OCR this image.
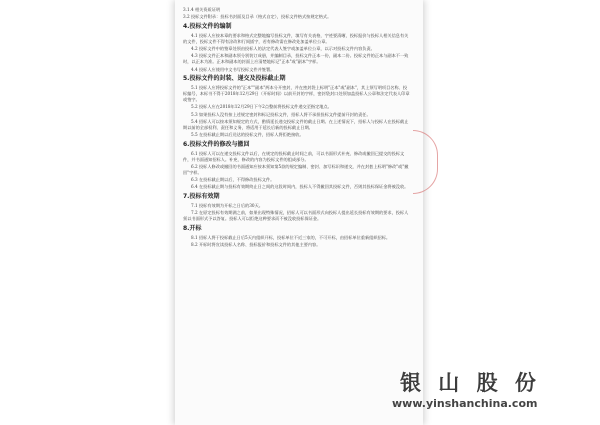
3.1.4 相关资质证明

3.2 投标文件附录：投标书封面及目录（格式自定），投标文件格式按规定格式。

4.投标文件的编制

4.1 投标人应按本章的要求和格式完整地编写投标文件，填写有关表格，字迹要清晰，投标报价与投标人相关信息有关的文件，投标文件不得有涂改和行间插字，若有修改需在修改处加盖单位公章。

4.2 投标文件中的签章处须由投标人的法定代表人签字或加盖单位公章，以示对投标文件内容负责。

4.3 投标文件正本和副本须分别装订成册，并编制目录，投标文件正本一份，副本二份。投标文件的正本与副本不一致时，以正本为准。正本和副本的封面上应清楚地标记"正本"或"副本"字样。

4.4 投标人应使用中文书写投标文件并签署。

5.投标文件的封装、递交及投标截止期

5.1 投标人应将投标文件的"正本""副本"两本分开密封，并在密封袋上标明"正本"或"副本"，其上须写明项目名称、投标编号，本标书不得于2018年12月29日（开标时间）以前开封的字样，密封袋封口处须加盖投标人公章和法定代表人印章或签字。

5.2 投标人应在2018年12月29日下午2点整前将投标文件递交至指定地点。

5.3 如果投标人没有按上述规定密封和标记投标文件，招标人将不承担投标文件提前开封的责任。

5.4 招标人可以按本须知规定的方式，酌情延长递交投标文件的截止日期。在上述情况下，招标人与投标人在投标截止期以前的全部权利、责任和义务，将适用于延长后新的投标截止日期。

5.5 在投标截止期以后送达的投标文件，招标人将拒绝接收。

6.投标文件的修改与撤回

6.1 投标人可以在递交投标文件以后，在规定的投标截止时间之前，可以书面形式补充、修改或撤回已提交的投标文件，并书面通知招标人。补充、修改的内容为投标文件的组成部分。

6.2 投标人修改或撤回的书面通知应按本须知第5款的规定编制、密封、加写标识和递交，并在封套上标明"修改"或"撤回"字样。

6.3 在投标截止期以后，不得修改投标文件。

6.4 在投标截止期与投标有效期终止日之间的这段时间内，投标人不得撤回其投标文件，否则其投标保证金将被没收。

7.投标有效期

7.1 投标有效期为开标之日后的30天。

7.2 在原定投标有效期满之前，如果出现特殊情况，招标人可以书面形式向投标人提出延长投标有效期的要求，投标人须以书面形式予以答复。投标人可以拒绝这种要求而不被没收投标保证金。

8.开标

8.1 招标人将于投标截止日后5天内组织开标，投标单位不近三家的，不可开标，由招标单位重新组织招标。

8.2 开标时将宣读投标人名称、投标报价和投标文件的其他主要内容。

银 山 股 份
www.yinshanchina.com
